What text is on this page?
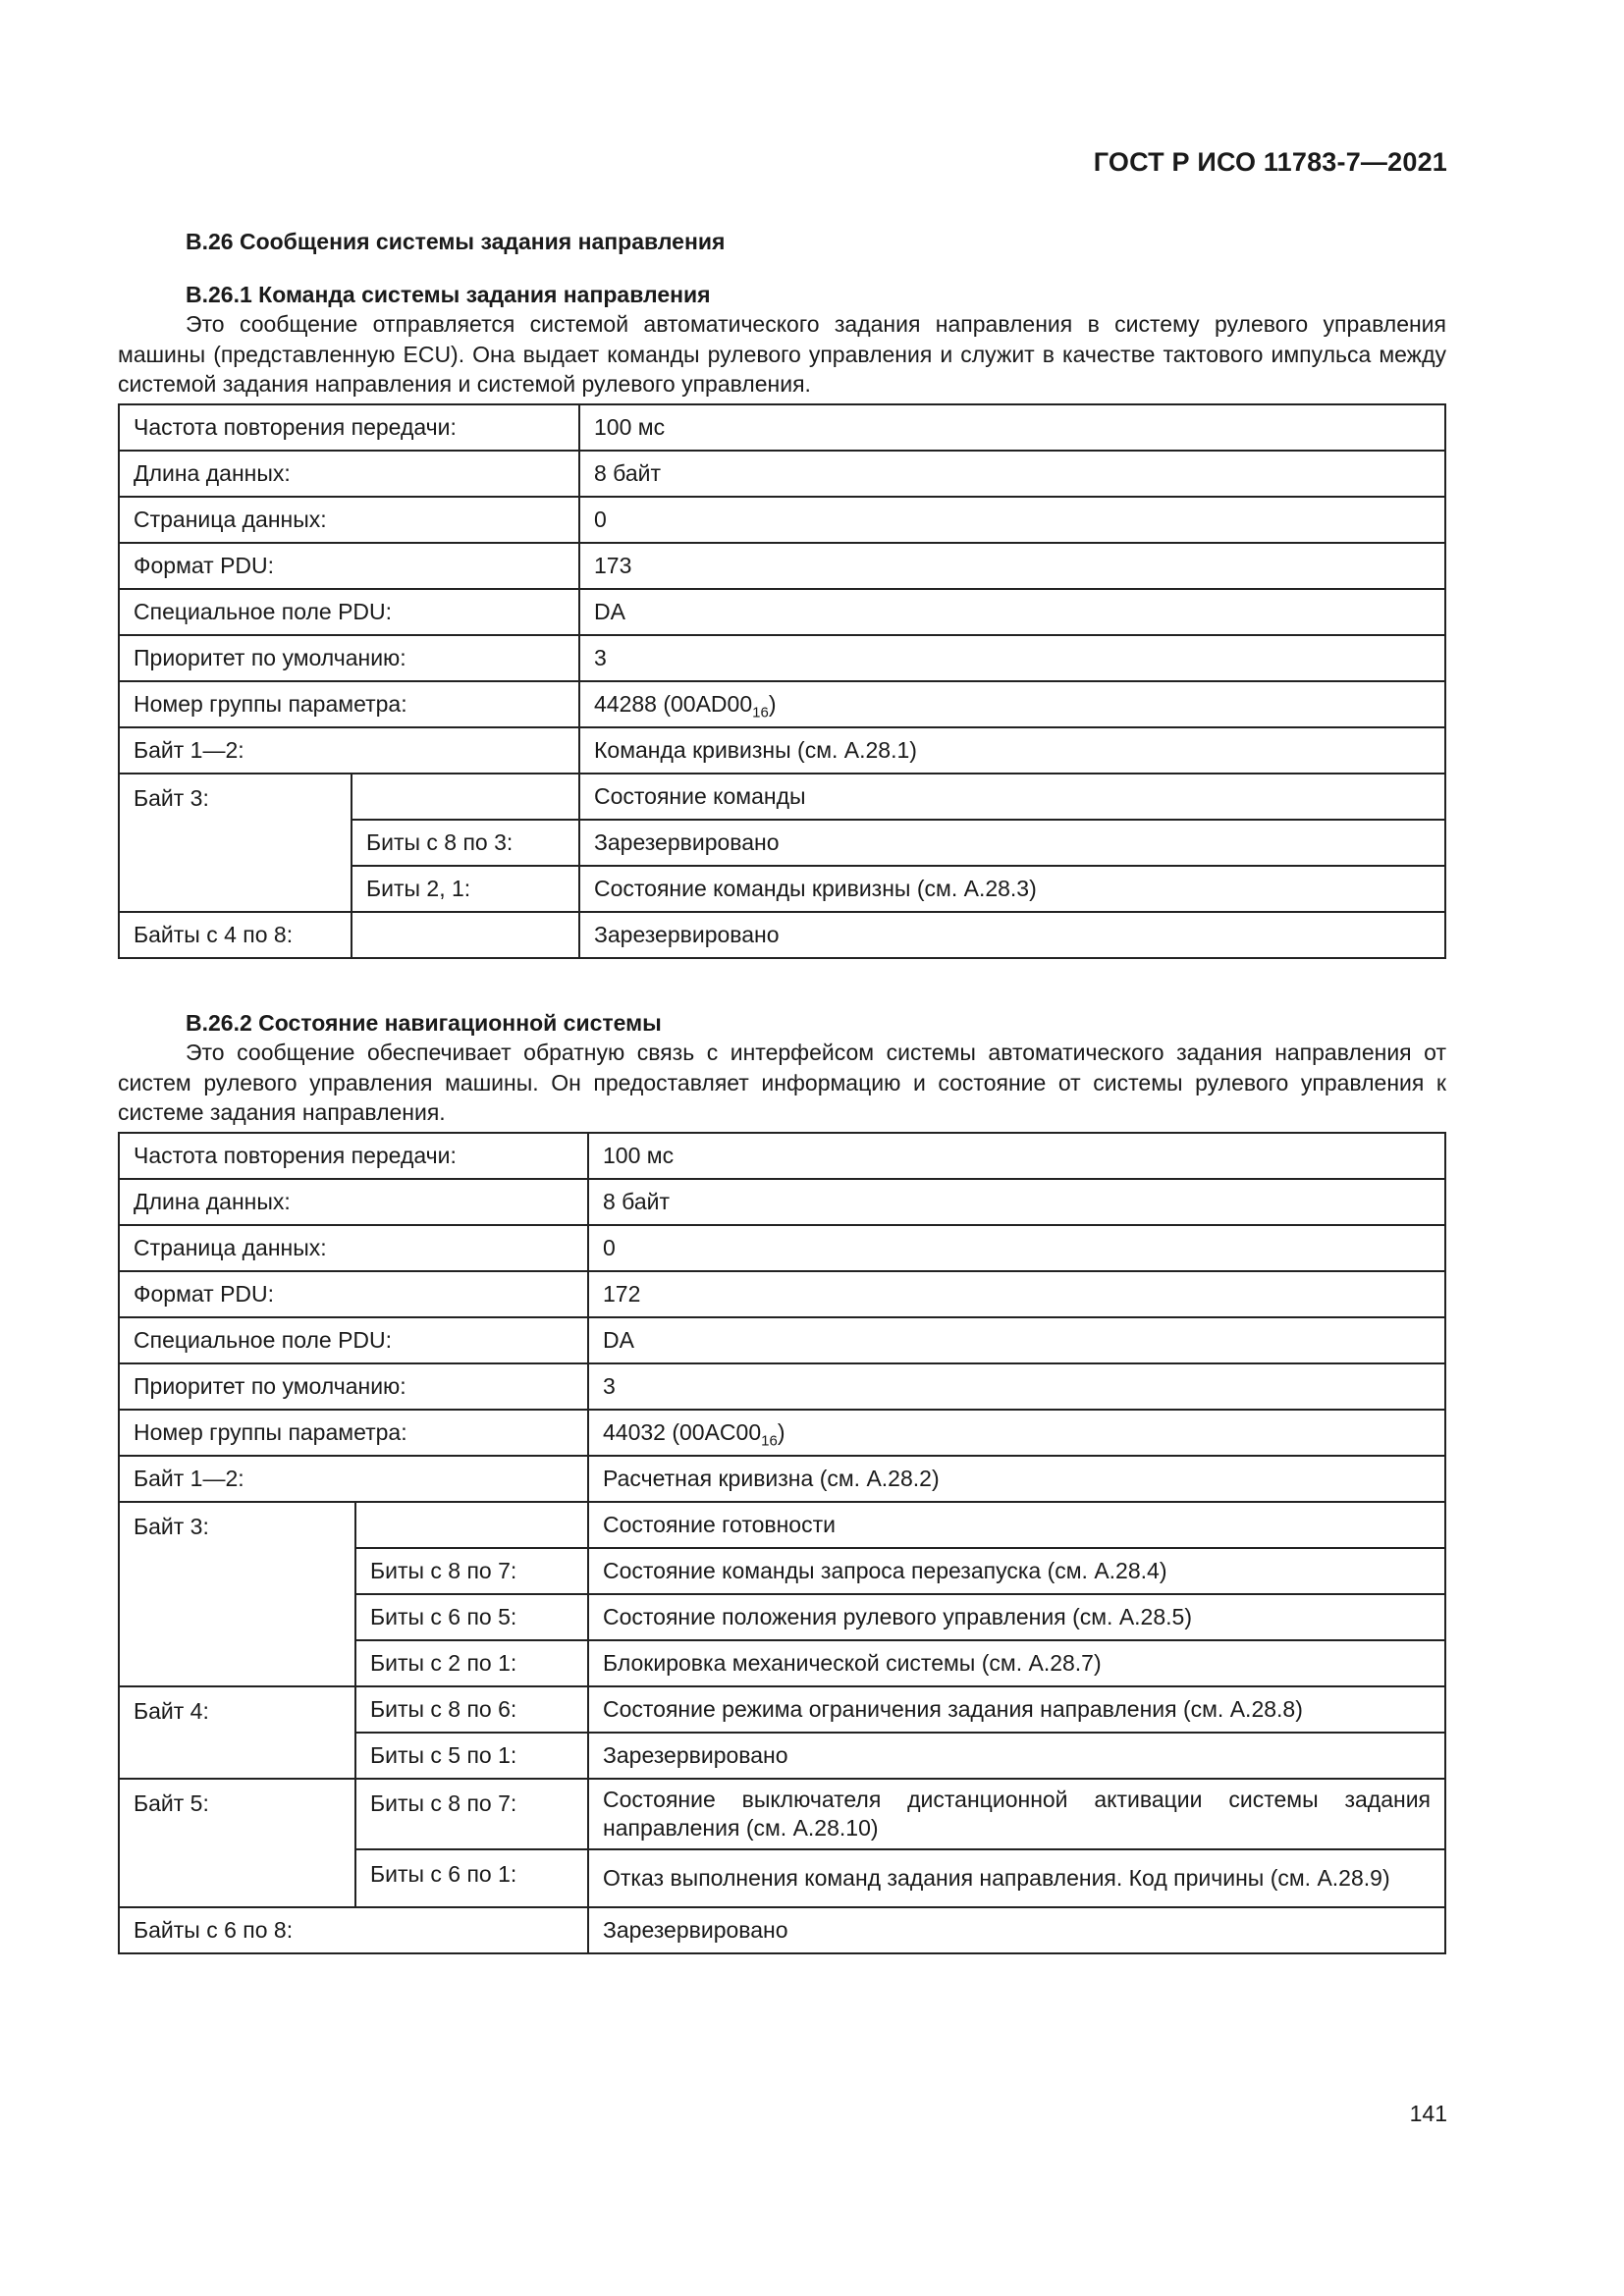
ГОСТ Р ИСО 11783-7—2021
В.26 Сообщения системы задания направления
В.26.1 Команда системы задания направления
Это сообщение отправляется системой автоматического задания направления в систему рулевого управления машины (представленную ECU). Она выдает команды рулевого управления и служит в качестве тактового импульса между системой задания направления и системой рулевого управления.
Частота повторения передачи:		100 мс
Длина данных:		8 байт
Страница данных:		0
Формат PDU:		173
Специальное поле PDU:		DA
Приоритет по умолчанию:		3
Номер группы параметра:		44288 $(00AD00_{16})$
Байт 1—2:		Команда кривизны (см. А.28.1)
Байт 3:		Состояние команды
	Биты с 8 по 3:	Зарезервировано
	Биты 2, 1:	Состояние команды кривизны (см. А.28.3)
Байты с 4 по 8:		Зарезервировано
В.26.2 Состояние навигационной системы
Это сообщение обеспечивает обратную связь с интерфейсом системы автоматического задания направления от систем рулевого управления машины. Он предоставляет информацию и состояние от системы рулевого управления к системе задания направления.
Частота повторения передачи:		100 мс
Длина данных:		8 байт
Страница данных:		0
Формат PDU:		172
Специальное поле PDU:		DA
Приоритет по умолчанию:		3
Номер группы параметра:		44032 $(00AC00_{16})$
Байт 1—2:		Расчетная кривизна (см. А.28.2)
Байт 3:		Состояние готовности
	Биты с 8 по 7:	Состояние команды запроса перезапуска (см. А.28.4)
	Биты с 6 по 5:	Состояние положения рулевого управления (см. А.28.5)
	Биты с 2 по 1:	Блокировка механической системы (см. А.28.7)
Байт 4:	Биты с 8 по 6:	Состояние режима ограничения задания направления (см. А.28.8)
	Биты с 5 по 1:	Зарезервировано
Байт 5:	Биты с 8 по 7:	Состояние выключателя дистанционной активации системы задания направления (см. А.28.10)
	Биты с 6 по 1:	Отказ выполнения команд задания направления. Код причины (см. А.28.9)
Байты с 6 по 8:		Зарезервировано
141
